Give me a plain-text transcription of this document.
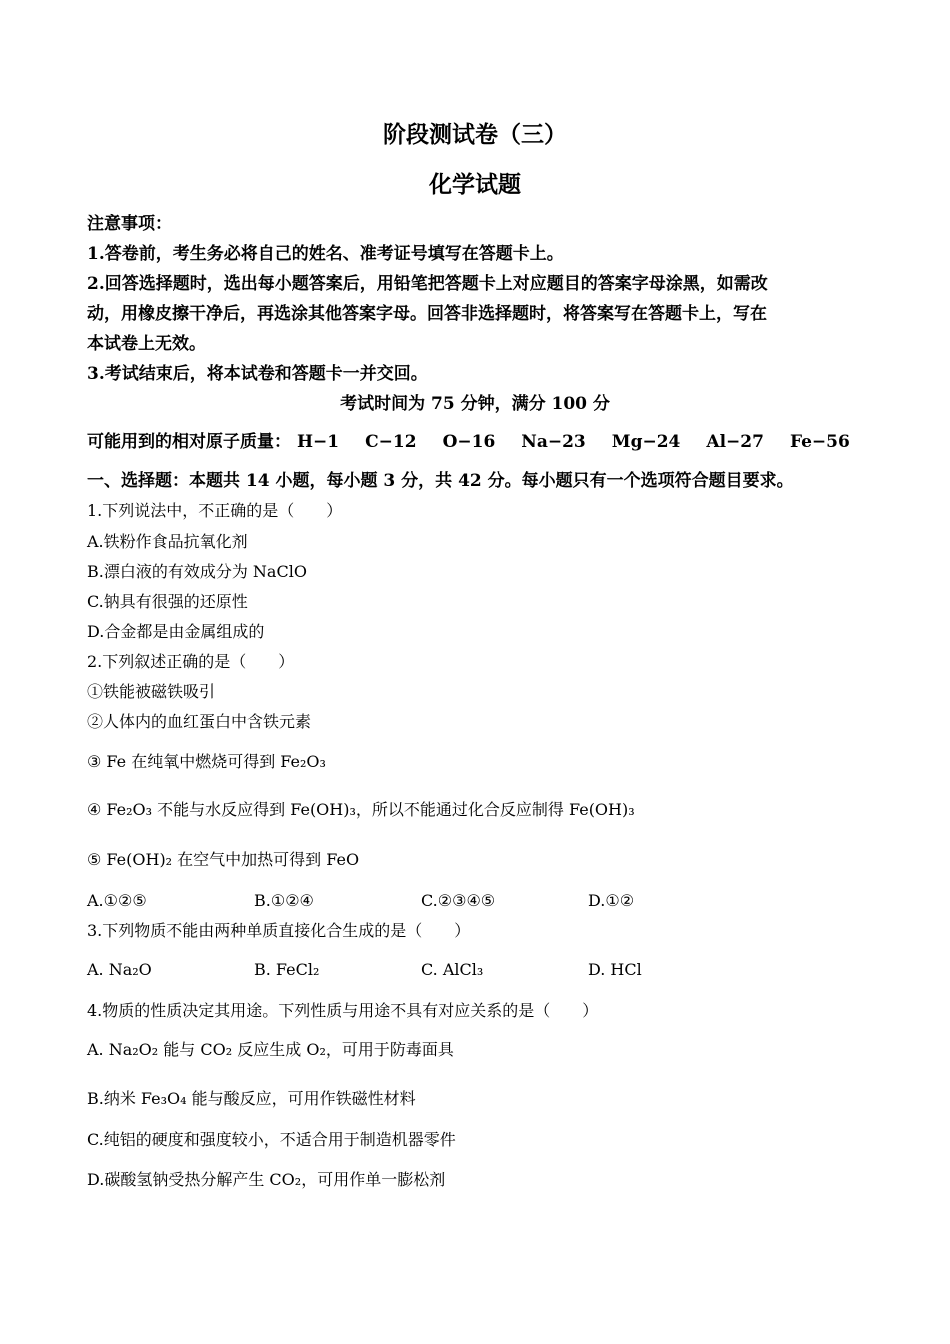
阶段测试卷（三）
化学试题
注意事项：
1.答卷前，考生务必将自己的姓名、准考证号填写在答题卡上。
2.回答选择题时，选出每小题答案后，用铅笔把答题卡上对应题目的答案字母涂黑，如需改
动，用橡皮擦干净后，再选涂其他答案字母。回答非选择题时，将答案写在答题卡上，写在
本试卷上无效。
3.考试结束后，将本试卷和答题卡一并交回。
考试时间为 75 分钟，满分 100 分
可能用到的相对原子质量： H−1 C−12 O−16 Na−23 Mg−24 Al−27 Fe−56
一、选择题：本题共 14 小题，每小题 3 分，共 42 分。每小题只有一个选项符合题目要求。
1.下列说法中，不正确的是（　　）
A.铁粉作食品抗氧化剂
B.漂白液的有效成分为 NaClO
C.钠具有很强的还原性
D.合金都是由金属组成的
2.下列叙述正确的是（　　）
①铁能被磁铁吸引
②人体内的血红蛋白中含铁元素
③ Fe 在纯氧中燃烧可得到 Fe₂O₃
④ Fe₂O₃ 不能与水反应得到 Fe(OH)₃，所以不能通过化合反应制得 Fe(OH)₃
⑤ Fe(OH)₂ 在空气中加热可得到 FeO
A.①②⑤	B.①②④	C.②③④⑤	D.①②
3.下列物质不能由两种单质直接化合生成的是（　　）
A. Na₂O	B. FeCl₂	C. AlCl₃	D. HCl
4.物质的性质决定其用途。下列性质与用途不具有对应关系的是（　　）
A. Na₂O₂ 能与 CO₂ 反应生成 O₂，可用于防毒面具
B.纳米 Fe₃O₄ 能与酸反应，可用作铁磁性材料
C.纯铝的硬度和强度较小，不适合用于制造机器零件
D.碳酸氢钠受热分解产生 CO₂，可用作单一膨松剂
